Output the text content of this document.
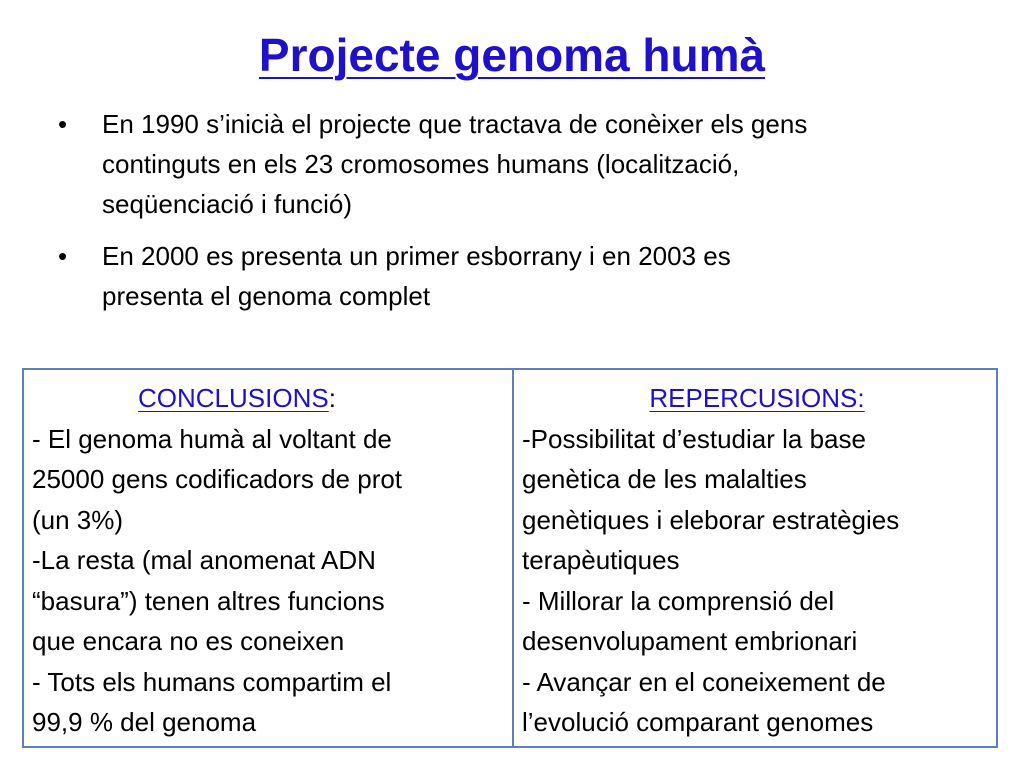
Projecte genoma humà
• En 1990 s’inicià el projecte que tractava de conèixer els gens
continguts en els 23 cromosomes humans (localització,
seqüenciació i funció)
• En 2000 es presenta un primer esborrany i en 2003 es
presenta el genoma complet
CONCLUSIONS:
- El genoma humà al voltant de
25000 gens codificadors de prot
(un 3%)
-La resta (mal anomenat ADN
“basura”) tenen altres funcions
que encara no es coneixen
- Tots els humans compartim el
99,9 % del genoma
REPERCUSIONS:
-Possibilitat d’estudiar la base
genètica de les malalties
genètiques i eleborar estratègies
terapèutiques
- Millorar la comprensió del
desenvolupament embrionari
- Avançar en el coneixement de
l’evolució comparant genomes
